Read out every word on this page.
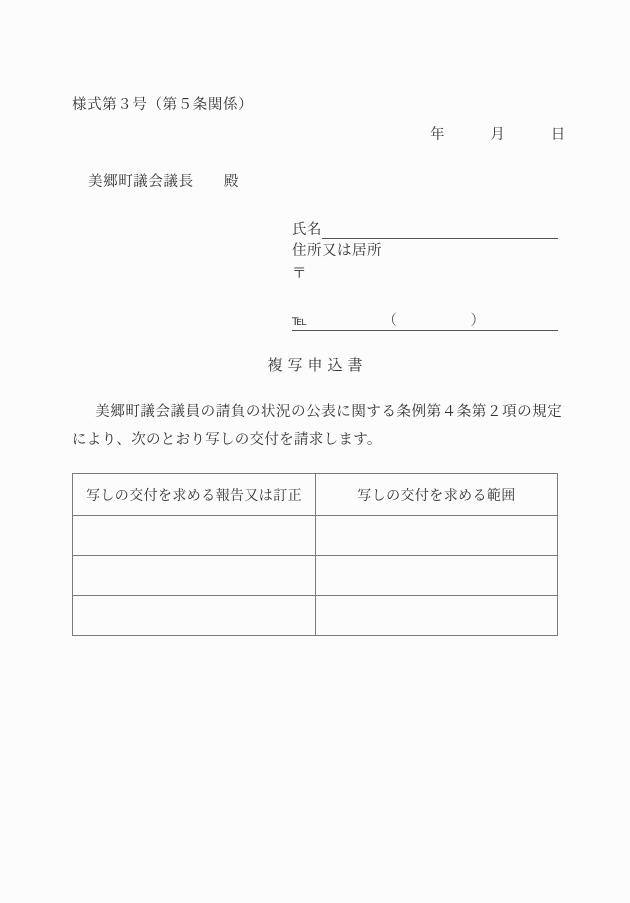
様式第３号（第５条関係）
年　　　月　　　日
美郷町議会議長　　殿
氏名
住所又は居所
〒
℡	（	）
複写申込書
美郷町議会議員の請負の状況の公表に関する条例第４条第２項の規定により、次のとおり写しの交付を請求します。
写しの交付を求める報告又は訂正	写しの交付を求める範囲
